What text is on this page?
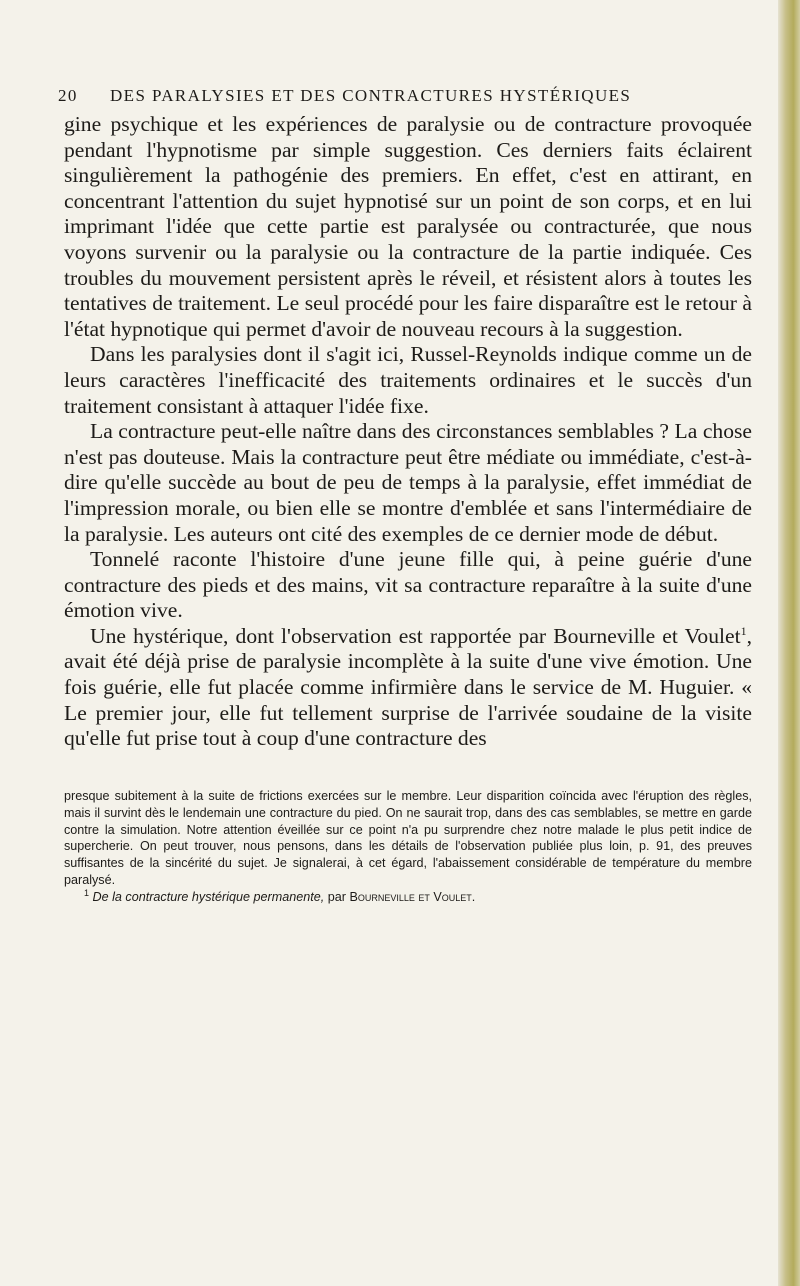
20	DES PARALYSIES ET DES CONTRACTURES HYSTÉRIQUES

gine psychique et les expériences de paralysie ou de contracture provoquée pendant l'hypnotisme par simple suggestion. Ces derniers faits éclairent singulièrement la pathogénie des premiers. En effet, c'est en attirant, en concentrant l'attention du sujet hypnotisé sur un point de son corps, et en lui imprimant l'idée que cette partie est paralysée ou contracturée, que nous voyons survenir ou la paralysie ou la contracture de la partie indiquée. Ces troubles du mouvement persistent après le réveil, et résistent alors à toutes les tentatives de traitement. Le seul procédé pour les faire disparaître est le retour à l'état hypnotique qui permet d'avoir de nouveau recours à la suggestion.

Dans les paralysies dont il s'agit ici, Russel-Reynolds indique comme un de leurs caractères l'inefficacité des traitements ordinaires et le succès d'un traitement consistant à attaquer l'idée fixe.

La contracture peut-elle naître dans des circonstances semblables ? La chose n'est pas douteuse. Mais la contracture peut être médiate ou immédiate, c'est-à-dire qu'elle succède au bout de peu de temps à la paralysie, effet immédiat de l'impression morale, ou bien elle se montre d'emblée et sans l'intermédiaire de la paralysie. Les auteurs ont cité des exemples de ce dernier mode de début.

Tonnelé raconte l'histoire d'une jeune fille qui, à peine guérie d'une contracture des pieds et des mains, vit sa contracture reparaître à la suite d'une émotion vive.

Une hystérique, dont l'observation est rapportée par Bourneville et Voulet$^1$, avait été déjà prise de paralysie incomplète à la suite d'une vive émotion. Une fois guérie, elle fut placée comme infirmière dans le service de M. Huguier. « Le premier jour, elle fut tellement surprise de l'arrivée soudaine de la visite qu'elle fut prise tout à coup d'une contracture des

presque subitement à la suite de frictions exercées sur le membre. Leur disparition coïncida avec l'éruption des règles, mais il survint dès le lendemain une contracture du pied. On ne saurait trop, dans des cas semblables, se mettre en garde contre la simulation. Notre attention éveillée sur ce point n'a pu surprendre chez notre malade le plus petit indice de supercherie. On peut trouver, nous pensons, dans les détails de l'observation publiée plus loin, p. 91, des preuves suffisantes de la sincérité du sujet. Je signalerai, à cet égard, l'abaissement considérable de température du membre paralysé.

$^1$ De la contracture hystérique permanente, par Bourneville et Voulet.
